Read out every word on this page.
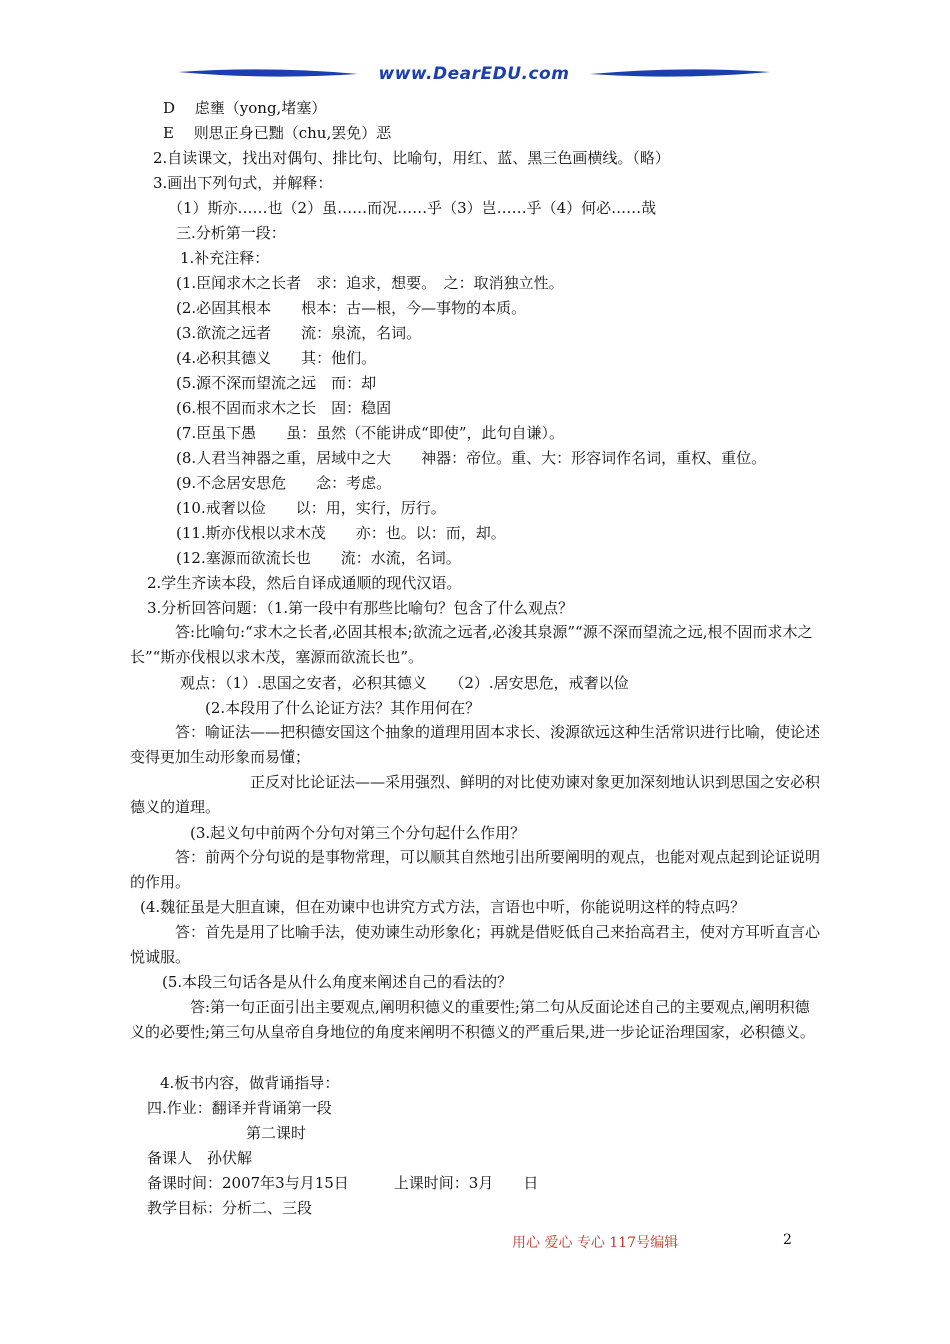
www.DearEDU.com
D　 虑壅（yong,堵塞）
E　 则思正身已黜（chu,罢免）恶
2.自读课文，找出对偶句、排比句、比喻句，用红、蓝、黑三色画横线。（略）
3.画出下列句式，并解释：
（1）斯亦……也（2）虽……而况……乎（3）岂……乎（4）何必……哉
三.分析第一段：
1.补充注释：
(1.臣闻求木之长者　求：追求，想要。　之：取消独立性。
(2.必固其根本　　根本：古—根，今—事物的本质。
(3.欲流之远者　　流：泉流，名词。
(4.必积其德义　　其：他们。
(5.源不深而望流之远　而：却
(6.根不固而求木之长　固：稳固
(7.臣虽下愚　　虽：虽然（不能讲成“即使”，此句自谦）。
(8.人君当神器之重，居域中之大　　神器：帝位。重、大：形容词作名词，重权、重位。
(9.不念居安思危　　念：考虑。
(10.戒奢以俭　　以：用，实行，厉行。
(11.斯亦伐根以求木茂　　亦：也。以：而，却。
(12.塞源而欲流长也　　流：水流，名词。
2.学生齐读本段，然后自译成通顺的现代汉语。
3.分析回答问题：（1.第一段中有那些比喻句？包含了什么观点？
　　　答:比喻句:“求木之长者,必固其根本;欲流之远者,必浚其泉源”“源不深而望流之远,根不固而求木之长”“斯亦伐根以求木茂，塞源而欲流长也”。
观点：（1）.思国之安者，必积其德义　　（2）.居安思危，戒奢以俭
(2.本段用了什么论证方法？其作用何在？
　　　答：喻证法——把积德安国这个抽象的道理用固本求长、浚源欲远这种生活常识进行比喻，使论述变得更加生动形象而易懂；
　　　　　　　　正反对比论证法——采用强烈、鲜明的对比使劝谏对象更加深刻地认识到思国之安必积德义的道理。
(3.起义句中前两个分句对第三个分句起什么作用？
　　　答：前两个分句说的是事物常理，可以顺其自然地引出所要阐明的观点，也能对观点起到论证说明的作用。
(4.魏征虽是大胆直谏，但在劝谏中也讲究方式方法，言语也中听，你能说明这样的特点吗？
　　　答：首先是用了比喻手法，使劝谏生动形象化；再就是借贬低自己来抬高君主，使对方耳听直言心悦诚服。
(5.本段三句话各是从什么角度来阐述自己的看法的？
　　　　答:第一句正面引出主要观点,阐明积德义的重要性;第二句从反面论述自己的主要观点,阐明积德义的必要性;第三句从皇帝自身地位的角度来阐明不积德义的严重后果,进一步论证治理国家，必积德义。
4.板书内容，做背诵指导：
四.作业：翻译并背诵第一段
第二课时
备课人　孙伏解
备课时间：2007年3与月15日　　　上课时间：3月　　日
教学目标：分析二、三段
用心 爱心 专心 117号编辑	2
